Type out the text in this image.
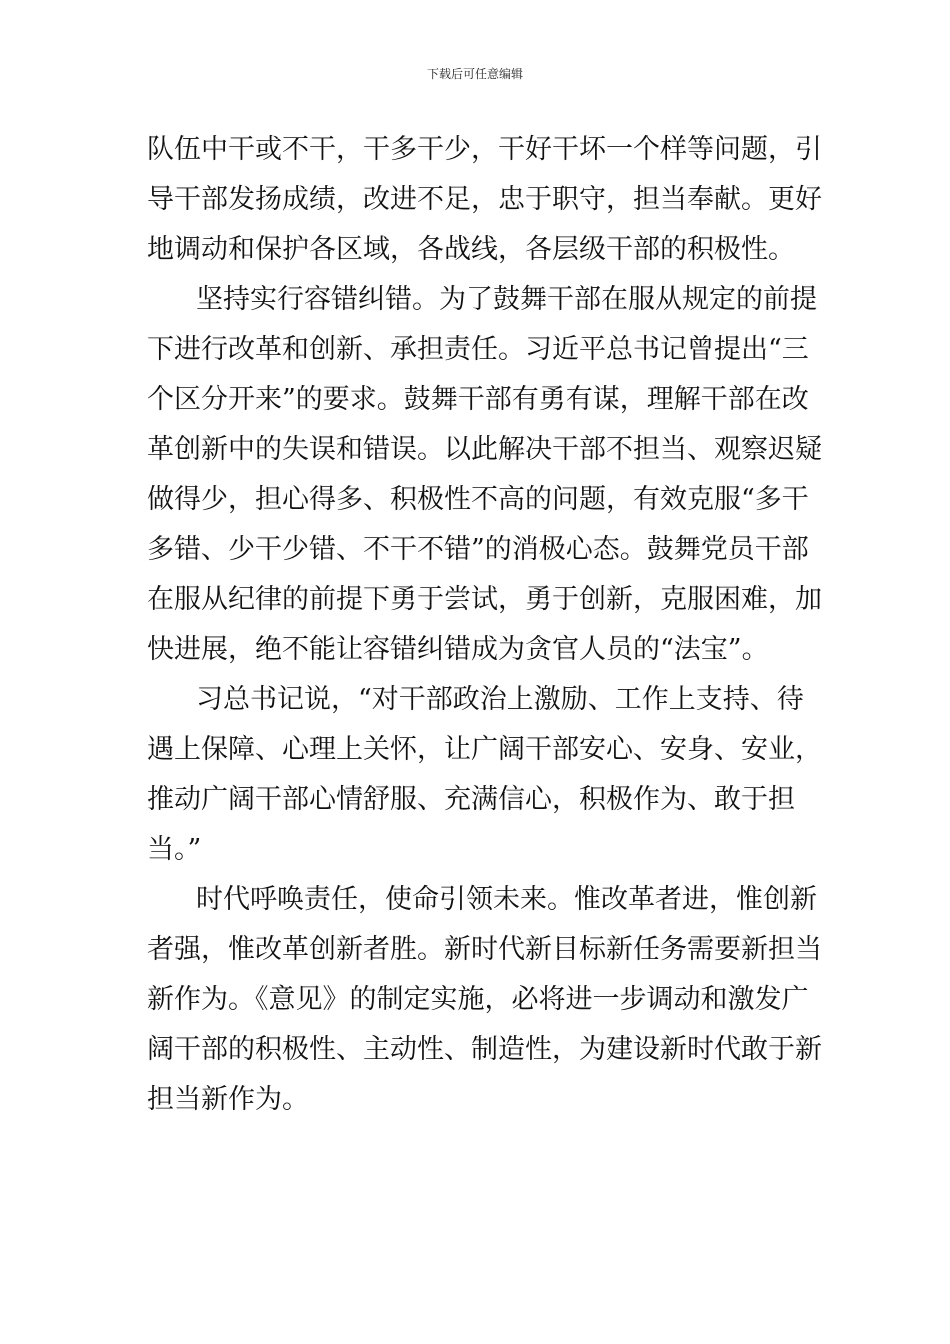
下载后可任意编辑
队伍中干或不干，干多干少，干好干坏一个样等问题，引
导干部发扬成绩，改进不足，忠于职守，担当奉献。更好
地调动和保护各区域，各战线，各层级干部的积极性。
坚持实行容错纠错。为了鼓舞干部在服从规定的前提
下进行改革和创新、承担责任。习近平总书记曾提出“三
个区分开来”的要求。鼓舞干部有勇有谋，理解干部在改
革创新中的失误和错误。以此解决干部不担当、观察迟疑
做得少，担心得多、积极性不高的问题，有效克服“多干
多错、少干少错、不干不错”的消极心态。鼓舞党员干部
在服从纪律的前提下勇于尝试，勇于创新，克服困难，加
快进展，绝不能让容错纠错成为贪官人员的“法宝”。
习总书记说，“对干部政治上激励、工作上支持、待
遇上保障、心理上关怀，让广阔干部安心、安身、安业，
推动广阔干部心情舒服、充满信心，积极作为、敢于担
当。”
时代呼唤责任，使命引领未来。惟改革者进，惟创新
者强，惟改革创新者胜。新时代新目标新任务需要新担当
新作为。《意见》的制定实施，必将进一步调动和激发广
阔干部的积极性、主动性、制造性，为建设新时代敢于新
担当新作为。
